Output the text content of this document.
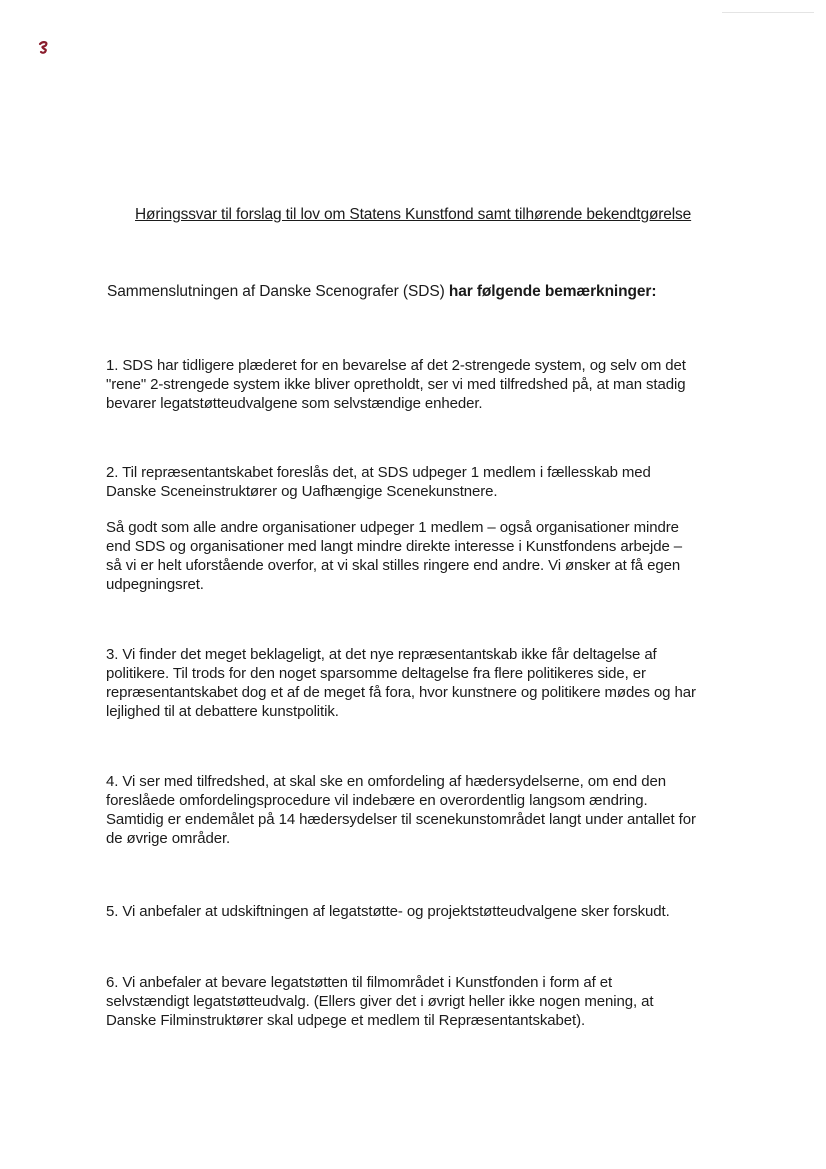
Høringssvar til forslag til lov om Statens Kunstfond samt tilhørende bekendtgørelse
Sammenslutningen af Danske Scenografer (SDS) har følgende bemærkninger:
1. SDS har tidligere plæderet for en bevarelse af det 2-strengede system, og selv om det
"rene" 2-strengede system ikke bliver opretholdt, ser vi med tilfredshed på, at man stadig
bevarer legatstøtteudvalgene som selvstændige enheder.
2. Til repræsentantskabet foreslås det, at SDS udpeger 1 medlem i fællesskab med
Danske Sceneinstruktører og Uafhængige Scenekunstnere.
Så godt som alle andre organisationer udpeger 1 medlem – også organisationer mindre
end SDS og organisationer med langt mindre direkte interesse i Kunstfondens arbejde –
så vi er helt uforstående overfor, at vi skal stilles ringere end andre. Vi ønsker at få egen
udpegningsret.
3. Vi finder det meget beklageligt, at det nye repræsentantskab ikke får deltagelse af
politikere. Til trods for den noget sparsomme deltagelse fra flere politikeres side, er
repræsentantskabet dog et af de meget få fora, hvor kunstnere og politikere mødes og har
lejlighed til at debattere kunstpolitik.
4. Vi ser med tilfredshed, at skal ske en omfordeling af hædersydelserne, om end den
foreslåede omfordelingsprocedure vil indebære en overordentlig langsom ændring.
Samtidig er endemålet på 14 hædersydelser til scenekunstområdet langt under antallet for
de øvrige områder.
5. Vi anbefaler at udskiftningen af legatstøtte- og projektstøtteudvalgene sker forskudt.
6. Vi anbefaler at bevare legatstøtten til filmområdet i Kunstfonden i form af et
selvstændigt legatstøtteudvalg. (Ellers giver det i øvrigt heller ikke nogen mening, at
Danske Filminstruktører skal udpege et medlem til Repræsentantskabet).
